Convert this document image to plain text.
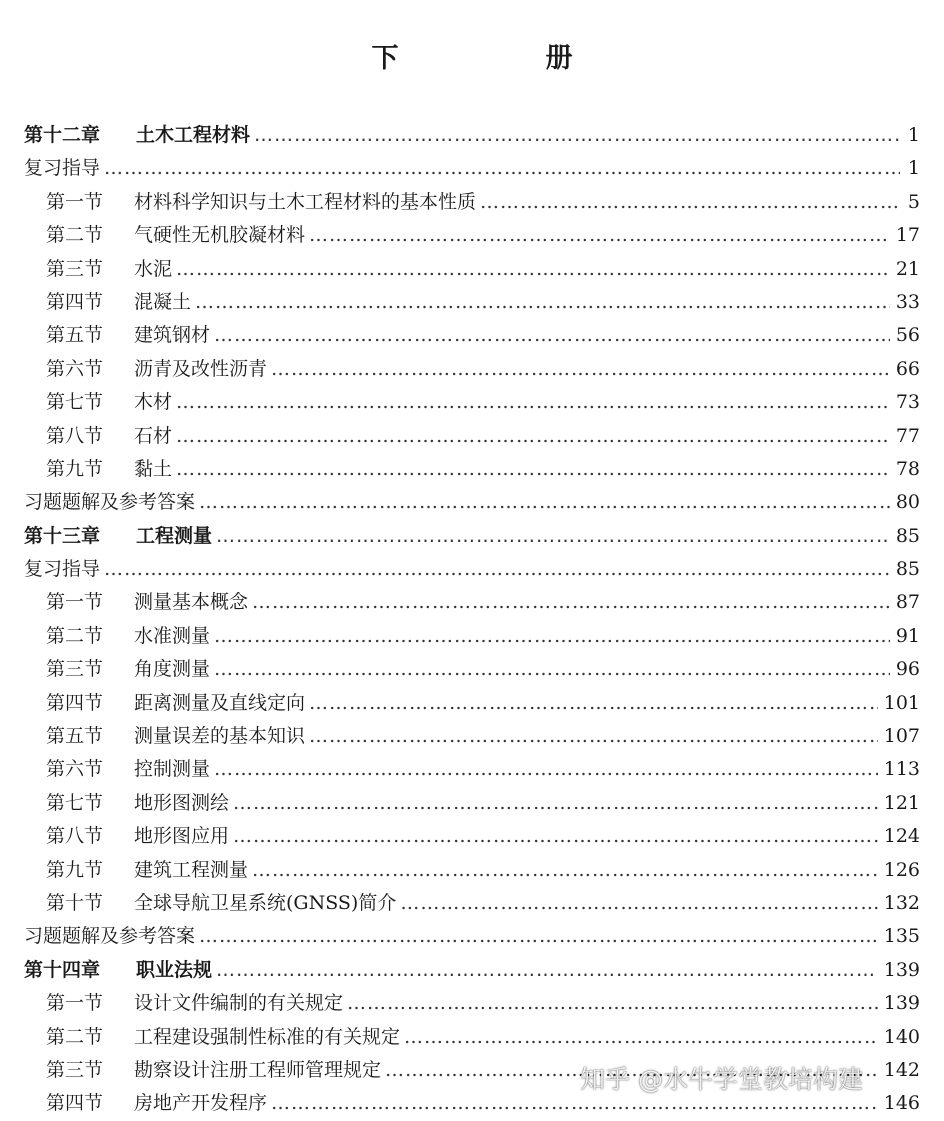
下　册
第十二章	土木工程材料 ………………………………………………………………………………………………………………………………………………………………	1
复习指导 ………………………………………………………………………………………………………………………………………………………………	1
第一节	材料科学知识与土木工程材料的基本性质 ………………………………………………………………………………………………………………………………………………………………	5
第二节	气硬性无机胶凝材料 ………………………………………………………………………………………………………………………………………………………………	17
第三节	水泥 ………………………………………………………………………………………………………………………………………………………………	21
第四节	混凝土 ………………………………………………………………………………………………………………………………………………………………	33
第五节	建筑钢材 ………………………………………………………………………………………………………………………………………………………………	56
第六节	沥青及改性沥青 ………………………………………………………………………………………………………………………………………………………………	66
第七节	木材 ………………………………………………………………………………………………………………………………………………………………	73
第八节	石材 ………………………………………………………………………………………………………………………………………………………………	77
第九节	黏土 ………………………………………………………………………………………………………………………………………………………………	78
习题题解及参考答案 ………………………………………………………………………………………………………………………………………………………………	80
第十三章	工程测量 ………………………………………………………………………………………………………………………………………………………………	85
复习指导 ………………………………………………………………………………………………………………………………………………………………	85
第一节	测量基本概念 ………………………………………………………………………………………………………………………………………………………………	87
第二节	水准测量 ………………………………………………………………………………………………………………………………………………………………	91
第三节	角度测量 ………………………………………………………………………………………………………………………………………………………………	96
第四节	距离测量及直线定向 ………………………………………………………………………………………………………………………………………………………………	101
第五节	测量误差的基本知识 ………………………………………………………………………………………………………………………………………………………………	107
第六节	控制测量 ………………………………………………………………………………………………………………………………………………………………	113
第七节	地形图测绘 ………………………………………………………………………………………………………………………………………………………………	121
第八节	地形图应用 ………………………………………………………………………………………………………………………………………………………………	124
第九节	建筑工程测量 ………………………………………………………………………………………………………………………………………………………………	126
第十节	全球导航卫星系统(GNSS)简介 ………………………………………………………………………………………………………………………………………………………………	132
习题题解及参考答案 ………………………………………………………………………………………………………………………………………………………………	135
第十四章	职业法规 ………………………………………………………………………………………………………………………………………………………………	139
第一节	设计文件编制的有关规定 ………………………………………………………………………………………………………………………………………………………………	139
第二节	工程建设强制性标准的有关规定 ………………………………………………………………………………………………………………………………………………………………	140
第三节	勘察设计注册工程师管理规定 ………………………………………………………………………………………………………………………………………………………………	142
第四节	房地产开发程序 ………………………………………………………………………………………………………………………………………………………………	146
知乎 @水牛学堂教培构建
